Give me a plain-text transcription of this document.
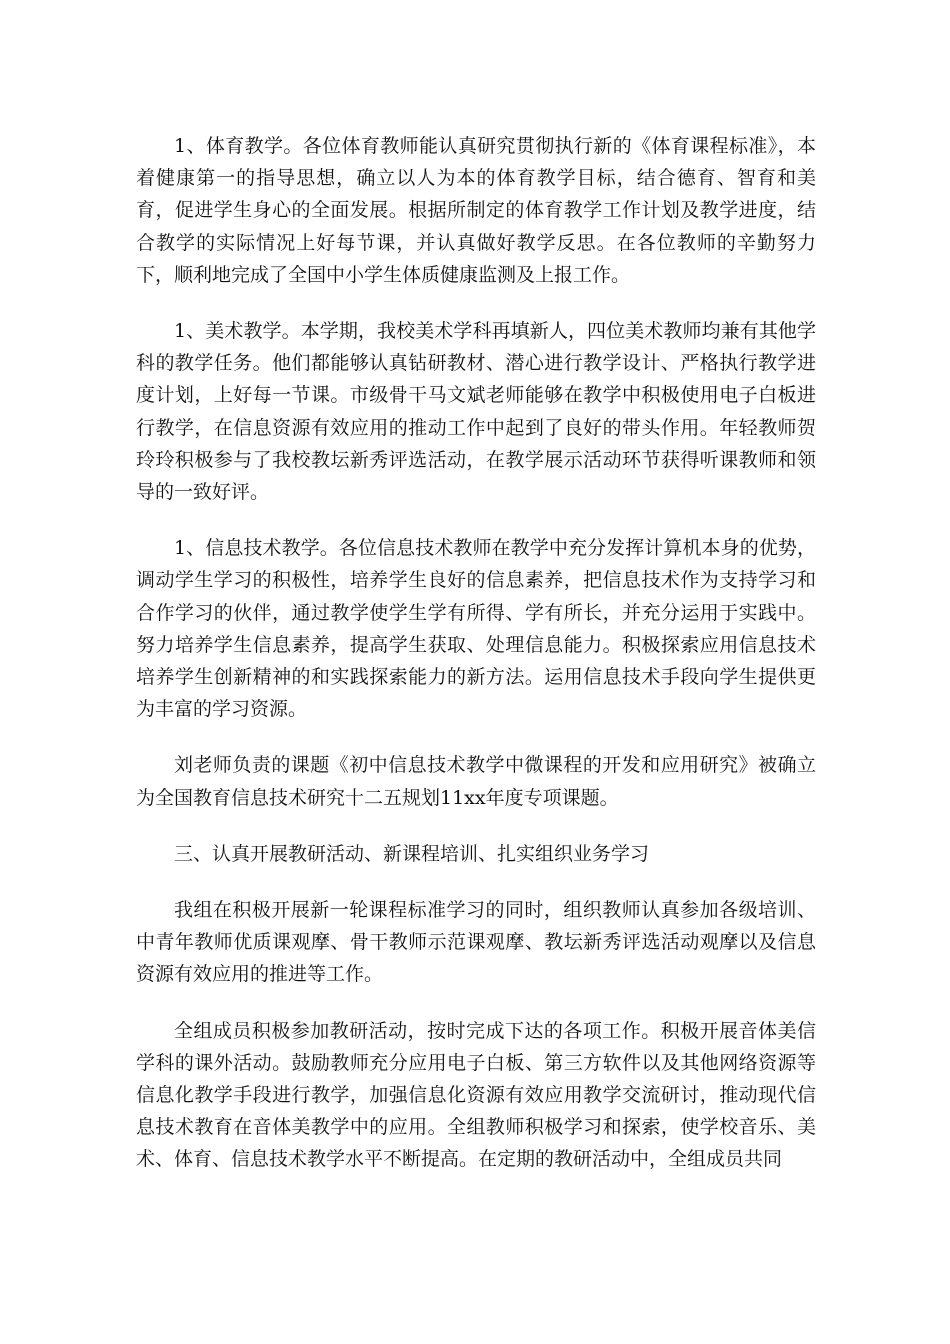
1、体育教学。各位体育教师能认真研究贯彻执行新的《体育课程标准》，本着健康第一的指导思想，确立以人为本的体育教学目标，结合德育、智育和美育，促进学生身心的全面发展。根据所制定的体育教学工作计划及教学进度，结合教学的实际情况上好每节课，并认真做好教学反思。在各位教师的辛勤努力下，顺利地完成了全国中小学生体质健康监测及上报工作。

1、美术教学。本学期，我校美术学科再填新人，四位美术教师均兼有其他学科的教学任务。他们都能够认真钻研教材、潜心进行教学设计、严格执行教学进度计划，上好每一节课。市级骨干马文斌老师能够在教学中积极使用电子白板进行教学，在信息资源有效应用的推动工作中起到了良好的带头作用。年轻教师贺玲玲积极参与了我校教坛新秀评选活动，在教学展示活动环节获得听课教师和领导的一致好评。

1、信息技术教学。各位信息技术教师在教学中充分发挥计算机本身的优势，调动学生学习的积极性，培养学生良好的信息素养，把信息技术作为支持学习和合作学习的伙伴，通过教学使学生学有所得、学有所长，并充分运用于实践中。努力培养学生信息素养，提高学生获取、处理信息能力。积极探索应用信息技术培养学生创新精神的和实践探索能力的新方法。运用信息技术手段向学生提供更为丰富的学习资源。

刘老师负责的课题《初中信息技术教学中微课程的开发和应用研究》被确立为全国教育信息技术研究十二五规划11xx年度专项课题。

三、认真开展教研活动、新课程培训、扎实组织业务学习

我组在积极开展新一轮课程标准学习的同时，组织教师认真参加各级培训、中青年教师优质课观摩、骨干教师示范课观摩、教坛新秀评选活动观摩以及信息资源有效应用的推进等工作。

全组成员积极参加教研活动，按时完成下达的各项工作。积极开展音体美信学科的课外活动。鼓励教师充分应用电子白板、第三方软件以及其他网络资源等信息化教学手段进行教学，加强信息化资源有效应用教学交流研讨，推动现代信息技术教育在音体美教学中的应用。全组教师积极学习和探索，使学校音乐、美术、体育、信息技术教学水平不断提高。在定期的教研活动中，全组成员共同
